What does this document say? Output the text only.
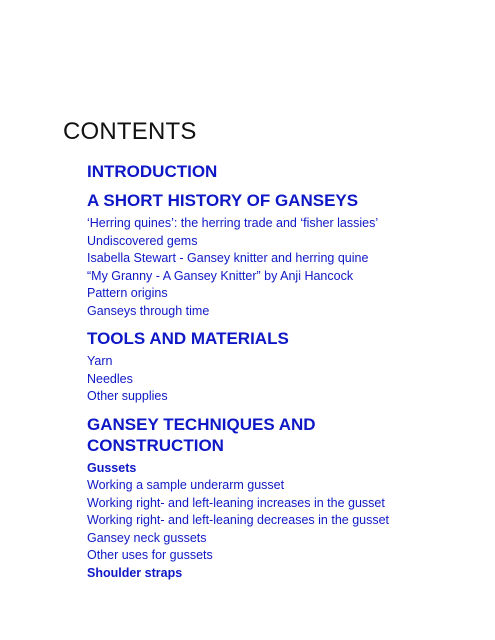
CONTENTS
INTRODUCTION
A SHORT HISTORY OF GANSEYS
‘Herring quines’: the herring trade and ‘fisher lassies’
Undiscovered gems
Isabella Stewart - Gansey knitter and herring quine
“My Granny - A Gansey Knitter” by Anji Hancock
Pattern origins
Ganseys through time
TOOLS AND MATERIALS
Yarn
Needles
Other supplies
GANSEY TECHNIQUES AND
CONSTRUCTION
Gussets
Working a sample underarm gusset
Working right- and left-leaning increases in the gusset
Working right- and left-leaning decreases in the gusset
Gansey neck gussets
Other uses for gussets
Shoulder straps
